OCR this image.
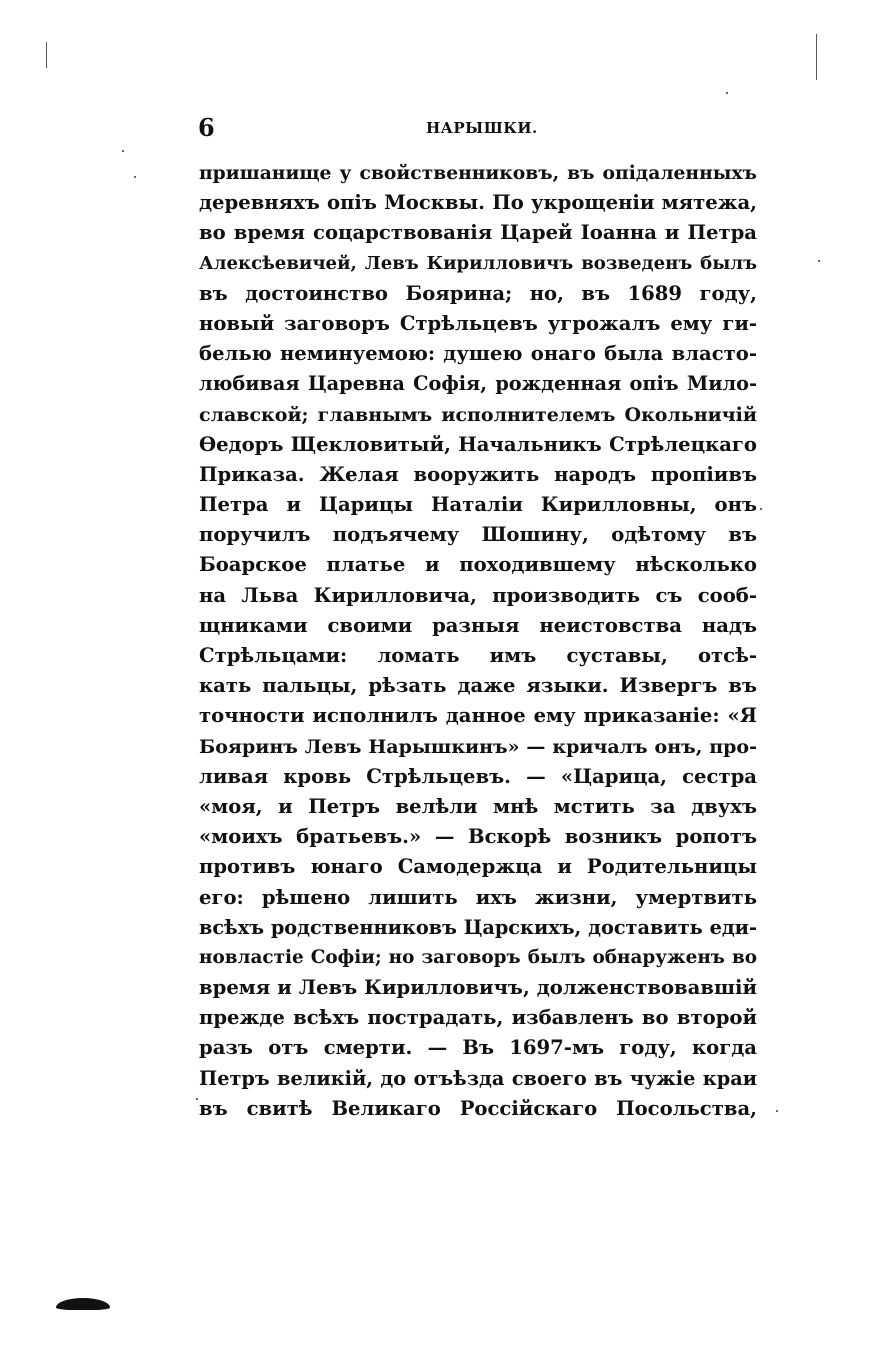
6	НАРЫШКИ.
пришанище у свойственниковъ, въ опідаленныхъ
деревняхъ опіъ Москвы. По укрощеніи мятежа,
во время соцарствованія Царей Іоанна и Петра
Алексѣевичей, Левъ Кирилловичъ возведенъ былъ
въ достоинство Боярина; но, въ 1689 году,
новый заговоръ Стрѣльцевъ угрожалъ ему ги-
белью неминуемою: душею онаго была власто-
любивая Царевна Софія, рожденная опіъ Мило-
славской; главнымъ исполнителемъ Окольничій
Ѳедоръ Щекловитый, Начальникъ Стрѣлецкаго
Приказа. Желая вооружить народъ пропіивъ
Петра и Царицы Наталіи Кирилловны, онъ
поручилъ подъячему Шошину, одѣтому въ
Боарское платье и походившему нѣсколько
на Льва Кирилловича, производить съ сооб-
щниками своими разныя неистовства надъ
Стрѣльцами: ломать имъ суставы, отсѣ-
кать пальцы, рѣзать даже языки. Извергъ въ
точности исполнилъ данное ему приказаніе: «Я
Бояринъ Левъ Нарышкинъ» — кричалъ онъ, про-
ливая кровь Стрѣльцевъ. — «Царица, сестра
«моя, и Петръ велѣли мнѣ мстить за двухъ
«моихъ братьевъ.» — Вскорѣ возникъ ропотъ
противъ юнаго Самодержца и Родительницы
его: рѣшено лишить ихъ жизни, умертвить
всѣхъ родственниковъ Царскихъ, доставить еди-
новластіе Софіи; но заговоръ былъ обнаруженъ во
время и Левъ Кирилловичъ, долженствовавшій
прежде всѣхъ пострадать, избавленъ во второй
разъ отъ смерти. — Въ 1697-мъ году, когда
Петръ великій, до отъѣзда своего въ чужіе краи
въ свитѣ Великаго Россійскаго Посольства,
